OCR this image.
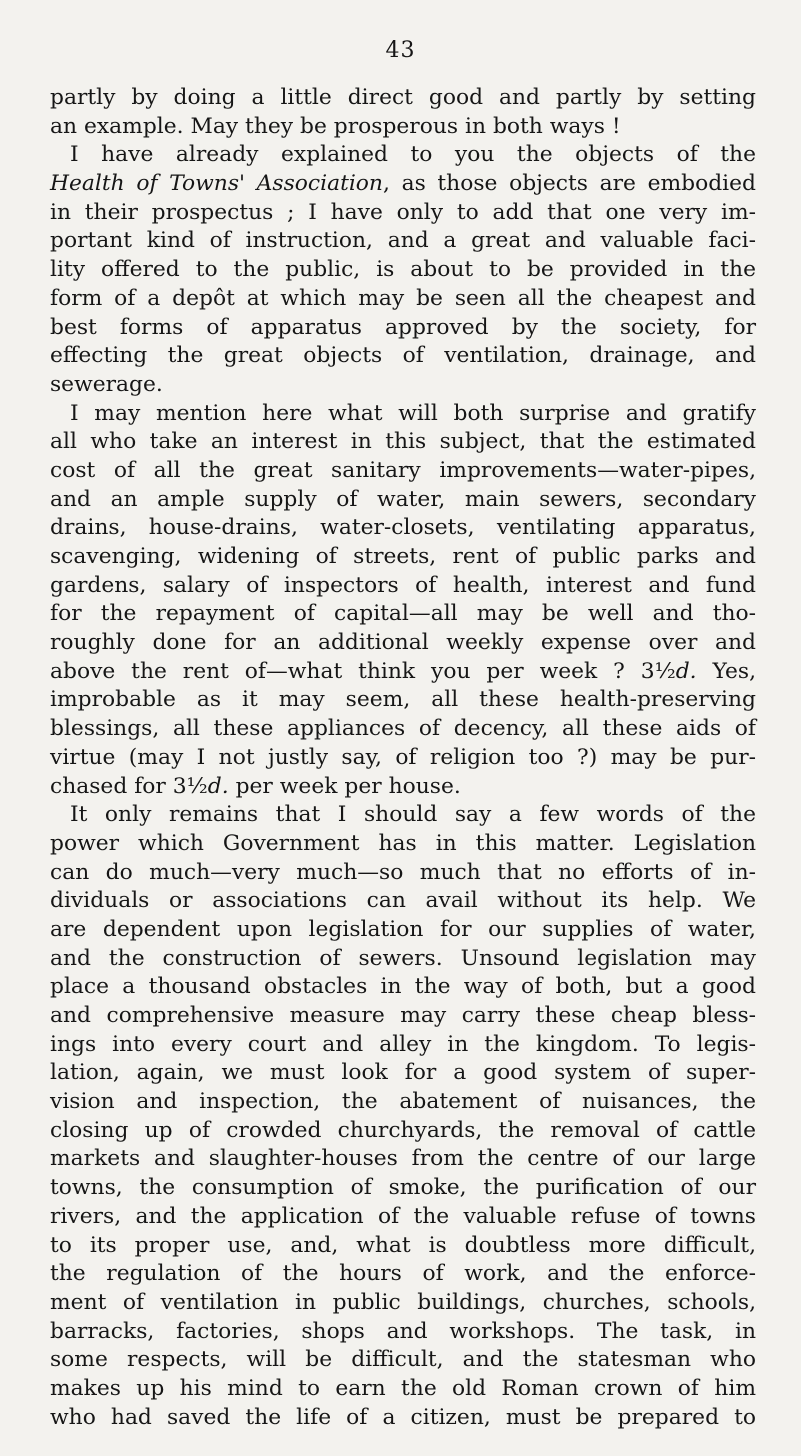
43
partly by doing a little direct good and partly by setting
an example. May they be prosperous in both ways !
I have already explained to you the objects of the
Health of Towns' Association, as those objects are embodied
in their prospectus ; I have only to add that one very im-
portant kind of instruction, and a great and valuable faci-
lity offered to the public, is about to be provided in the
form of a depôt at which may be seen all the cheapest and
best forms of apparatus approved by the society, for
effecting the great objects of ventilation, drainage, and
sewerage.
I may mention here what will both surprise and gratify
all who take an interest in this subject, that the estimated
cost of all the great sanitary improvements—water-pipes,
and an ample supply of water, main sewers, secondary
drains, house-drains, water-closets, ventilating apparatus,
scavenging, widening of streets, rent of public parks and
gardens, salary of inspectors of health, interest and fund
for the repayment of capital—all may be well and tho-
roughly done for an additional weekly expense over and
above the rent of—what think you per week ? 3½d. Yes,
improbable as it may seem, all these health-preserving
blessings, all these appliances of decency, all these aids of
virtue (may I not justly say, of religion too ?) may be pur-
chased for 3½d. per week per house.
It only remains that I should say a few words of the
power which Government has in this matter. Legislation
can do much—very much—so much that no efforts of in-
dividuals or associations can avail without its help. We
are dependent upon legislation for our supplies of water,
and the construction of sewers. Unsound legislation may
place a thousand obstacles in the way of both, but a good
and comprehensive measure may carry these cheap bless-
ings into every court and alley in the kingdom. To legis-
lation, again, we must look for a good system of super-
vision and inspection, the abatement of nuisances, the
closing up of crowded churchyards, the removal of cattle
markets and slaughter-houses from the centre of our large
towns, the consumption of smoke, the purification of our
rivers, and the application of the valuable refuse of towns
to its proper use, and, what is doubtless more difficult,
the regulation of the hours of work, and the enforce-
ment of ventilation in public buildings, churches, schools,
barracks, factories, shops and workshops. The task, in
some respects, will be difficult, and the statesman who
makes up his mind to earn the old Roman crown of him
who had saved the life of a citizen, must be prepared to
